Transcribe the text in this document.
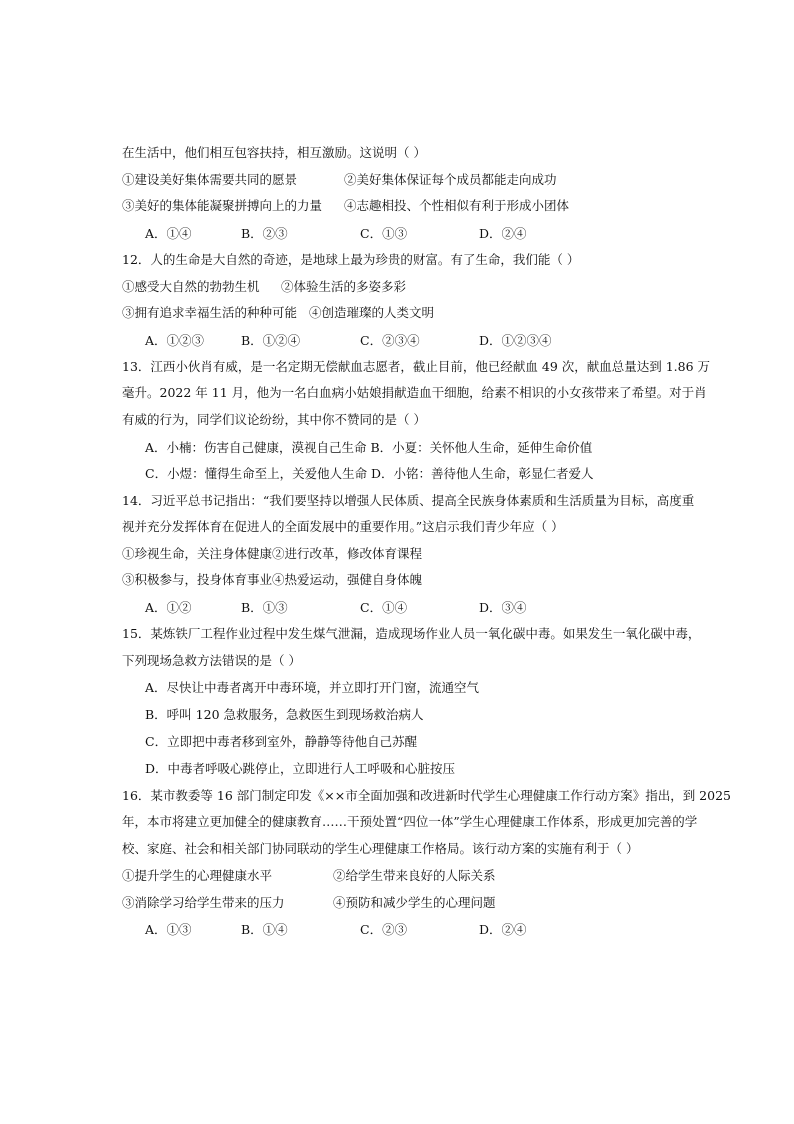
在生活中，他们相互包容扶持，相互激励。这说明（ ）
①建设美好集体需要共同的愿景	②美好集体保证每个成员都能走向成功
③美好的集体能凝聚拼搏向上的力量 ④志趣相投、个性相似有利于形成小团体
A．①④	B．②③	C．①③	D．②④
12．人的生命是大自然的奇迹，是地球上最为珍贵的财富。有了生命，我们能（ ）
①感受大自然的勃勃生机 ②体验生活的多姿多彩
③拥有追求幸福生活的种种可能 ④创造璀璨的人类文明
A．①②③	B．①②④	C．②③④	D．①②③④
13．江西小伙肖有威，是一名定期无偿献血志愿者，截止目前，他已经献血 49 次，献血总量达到 1.86 万
毫升。2022 年 11 月，他为一名白血病小姑娘捐献造血干细胞，给素不相识的小女孩带来了希望。对于肖
有威的行为，同学们议论纷纷，其中你不赞同的是（ ）
A．小楠：伤害自己健康，漠视自己生命 B．小夏：关怀他人生命，延伸生命价值
C．小煜：懂得生命至上，关爱他人生命 D．小铭：善待他人生命，彰显仁者爱人
14．习近平总书记指出：“我们要坚持以增强人民体质、提高全民族身体素质和生活质量为目标，高度重
视并充分发挥体育在促进人的全面发展中的重要作用。”这启示我们青少年应（ ）
①珍视生命，关注身体健康②进行改革，修改体育课程
③积极参与，投身体育事业④热爱运动，强健自身体魄
A．①②	B．①③	C．①④	D．③④
15．某炼铁厂工程作业过程中发生煤气泄漏，造成现场作业人员一氧化碳中毒。如果发生一氧化碳中毒，
下列现场急救方法错误的是（ ）
A．尽快让中毒者离开中毒环境，并立即打开门窗，流通空气
B．呼叫 120 急救服务，急救医生到现场救治病人
C．立即把中毒者移到室外，静静等待他自己苏醒
D．中毒者呼吸心跳停止，立即进行人工呼吸和心脏按压
16．某市教委等 16 部门制定印发《××市全面加强和改进新时代学生心理健康工作行动方案》指出，到 2025
年，本市将建立更加健全的健康教育……干预处置“四位一体”学生心理健康工作体系，形成更加完善的学
校、家庭、社会和相关部门协同联动的学生心理健康工作格局。该行动方案的实施有利于（ ）
①提升学生的心理健康水平	②给学生带来良好的人际关系
③消除学习给学生带来的压力	④预防和减少学生的心理问题
A．①③	B．①④	C．②③	D．②④
